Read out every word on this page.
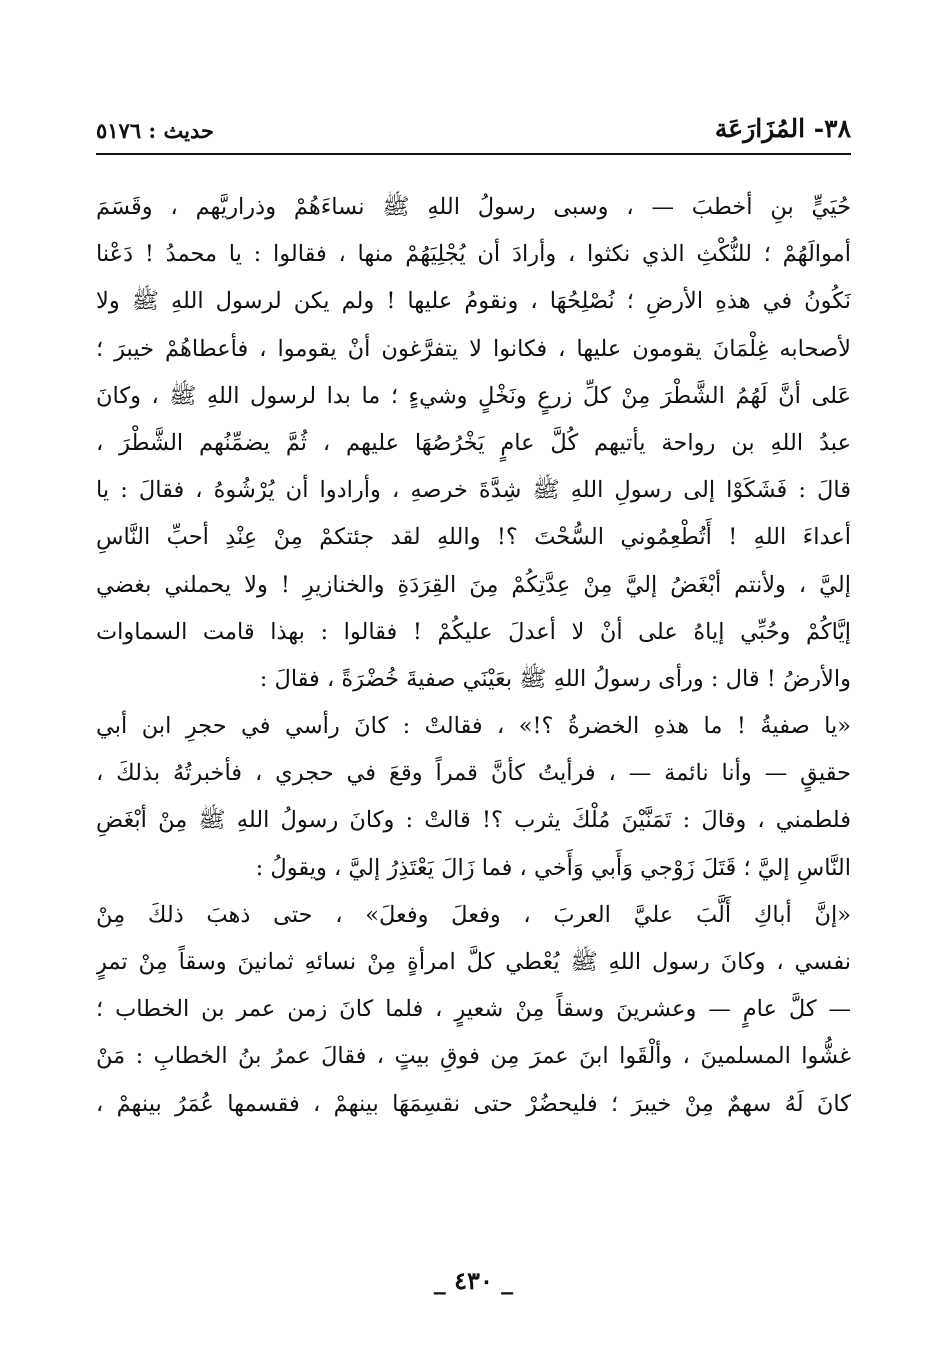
٣٨- المُزَارَعَة
حديث : ٥١٧٦
حُيَيٍّ بنِ أخطبَ — ، وسبى رسولُ اللهِ ﷺ نساءَهُمْ وذراريَّهم ، وقَسَمَ
أموالَهُمْ ؛ للنُّكْثِ الذي نكثوا ، وأرادَ أن يُجْلِيَهُمْ منها ، فقالوا : يا محمدُ ! دَعْنا
نَكُونُ في هذهِ الأرضِ ؛ نُصْلِحُهَا ، ونقومُ عليها ! ولم يكن لرسول اللهِ ﷺ ولا
لأصحابه غِلْمَانَ يقومون عليها ، فكانوا لا يتفرَّغون أنْ يقوموا ، فأعطاهُمْ خيبرَ ؛
عَلى أنَّ لَهُمُ الشَّطْرَ مِنْ كلِّ زرعٍ ونَخْلٍ وشيءٍ ؛ ما بدا لرسول اللهِ ﷺ ، وكانَ
عبدُ اللهِ بن رواحة يأتيهم كُلَّ عامٍ يَخْرُصُهَا عليهم ، ثُمَّ يضمِّنُهم الشَّطْرَ ،
قالَ : فَشَكَوْا إلى رسولِ اللهِ ﷺ شِدَّةَ خرصهِ ، وأرادوا أن يُرْشُوهُ ، فقالَ : يا
أعداءَ اللهِ ! أَتُطْعِمُوني السُّحْتَ ؟! واللهِ لقد جئتكمْ مِنْ عِنْدِ أحبِّ النَّاسِ
إليَّ ، ولأنتم أبْغَضُ إليَّ مِنْ عِدَّتِكُمْ مِنَ القِرَدَةِ والخنازيرِ ! ولا يحملني بغضي
إيَّاكُمْ وحُبِّي إياهُ على أنْ لا أعدلَ عليكُمْ ! فقالوا : بهذا قامت السماوات
والأرضُ ! قال : ورأى رسولُ اللهِ ﷺ بعَيْنَي صفيةَ خُضْرَةً ، فقالَ :
«يا صفيةُ ! ما هذهِ الخضرةُ ؟!» ، فقالتْ : كانَ رأسي في حجرِ ابن أبي
حقيقٍ — وأنا نائمة — ، فرأيتُ كأنَّ قمراً وقعَ في حجري ، فأخبرتُهُ بذلكَ ،
فلطمني ، وقالَ : تَمَنَّيْنَ مُلْكَ يثرب ؟! قالتْ : وكانَ رسولُ اللهِ ﷺ مِنْ أبْغَضِ
النَّاسِ إليَّ ؛ قَتَلَ زَوْجي وَأَبي وَأَخي ، فما زَالَ يَعْتَذِرُ إليَّ ، ويقولُ :
«إنَّ أباكِ أَلَّبَ عليَّ العربَ ، وفعلَ وفعلَ» ، حتى ذهبَ ذلكَ مِنْ
نفسي ، وكانَ رسول اللهِ ﷺ يُعْطي كلَّ امرأةٍ مِنْ نسائهِ ثمانينَ وسقاً مِنْ تمرٍ
— كلَّ عامٍ — وعشرينَ وسقاً مِنْ شعيرٍ ، فلما كانَ زمن عمر بن الخطاب ؛
غشُّوا المسلمينَ ، وألْقَوا ابنَ عمرَ مِن فوقِ بيتٍ ، فقالَ عمرُ بنُ الخطابِ : مَنْ
كانَ لَهُ سهمٌ مِنْ خيبرَ ؛ فليحضُرْ حتى نقسِمَهَا بينهمْ ، فقسمها عُمَرُ بينهمْ ،
_ ٤٣٠ _
